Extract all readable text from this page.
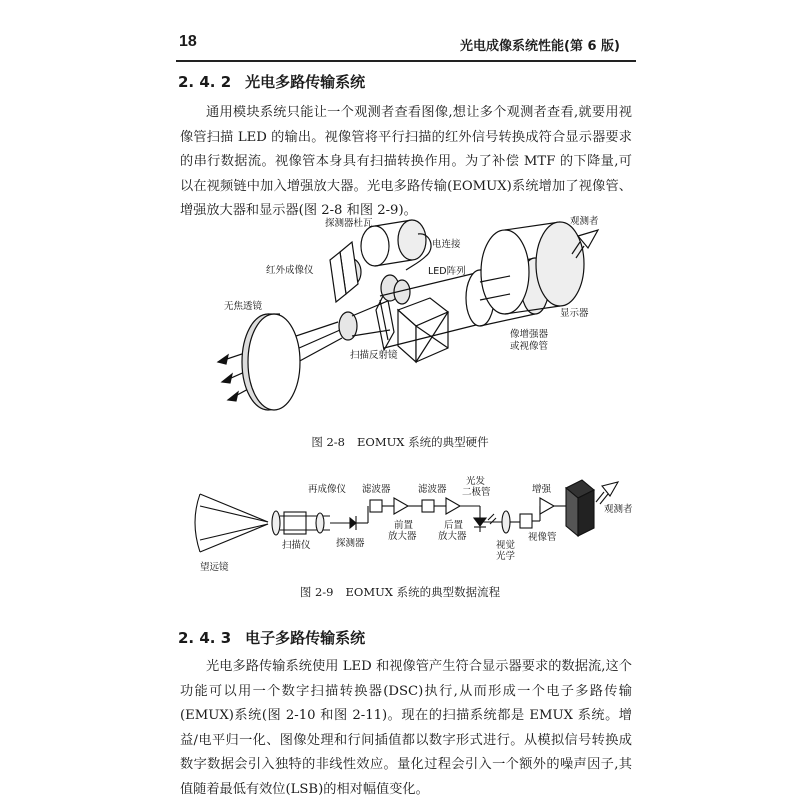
18	光电成像系统性能(第 6 版)
2. 4. 2 光电多路传输系统

通用模块系统只能让一个观测者查看图像,想让多个观测者查看,就要用视像管扫描 LED 的输出。视像管将平行扫描的红外信号转换成符合显示器要求的串行数据流。视像管本身具有扫描转换作用。为了补偿 MTF 的下降量,可以在视频链中加入增强放大器。光电多路传输(EOMUX)系统增加了视像管、增强放大器和显示器(图 2-8 和图 2-9)。

探测器杜瓦
电连接
红外成像仪	LED阵列
无焦透镜
扫描反射镜
像增强器
或视像管
显示器
观测者
图 2-8 EOMUX 系统的典型硬件
再成像仪 滤波器	滤波器
光发
二极管	增强
扫描仪	探测器
前置
放大器
后置
放大器	视像管
观测者
视觉
光学
望远镜
图 2-9 EOMUX 系统的典型数据流程
2. 4. 3 电子多路传输系统

光电多路传输系统使用 LED 和视像管产生符合显示器要求的数据流,这个功能可以用一个数字扫描转换器(DSC)执行,从而形成一个电子多路传输(EMUX)系统(图 2-10 和图 2-11)。现在的扫描系统都是 EMUX 系统。增益/电平归一化、图像处理和行间插值都以数字形式进行。从模拟信号转换成数字数据会引入独特的非线性效应。量化过程会引入一个额外的噪声因子,其值随着最低有效位(LSB)的相对幅值变化。
